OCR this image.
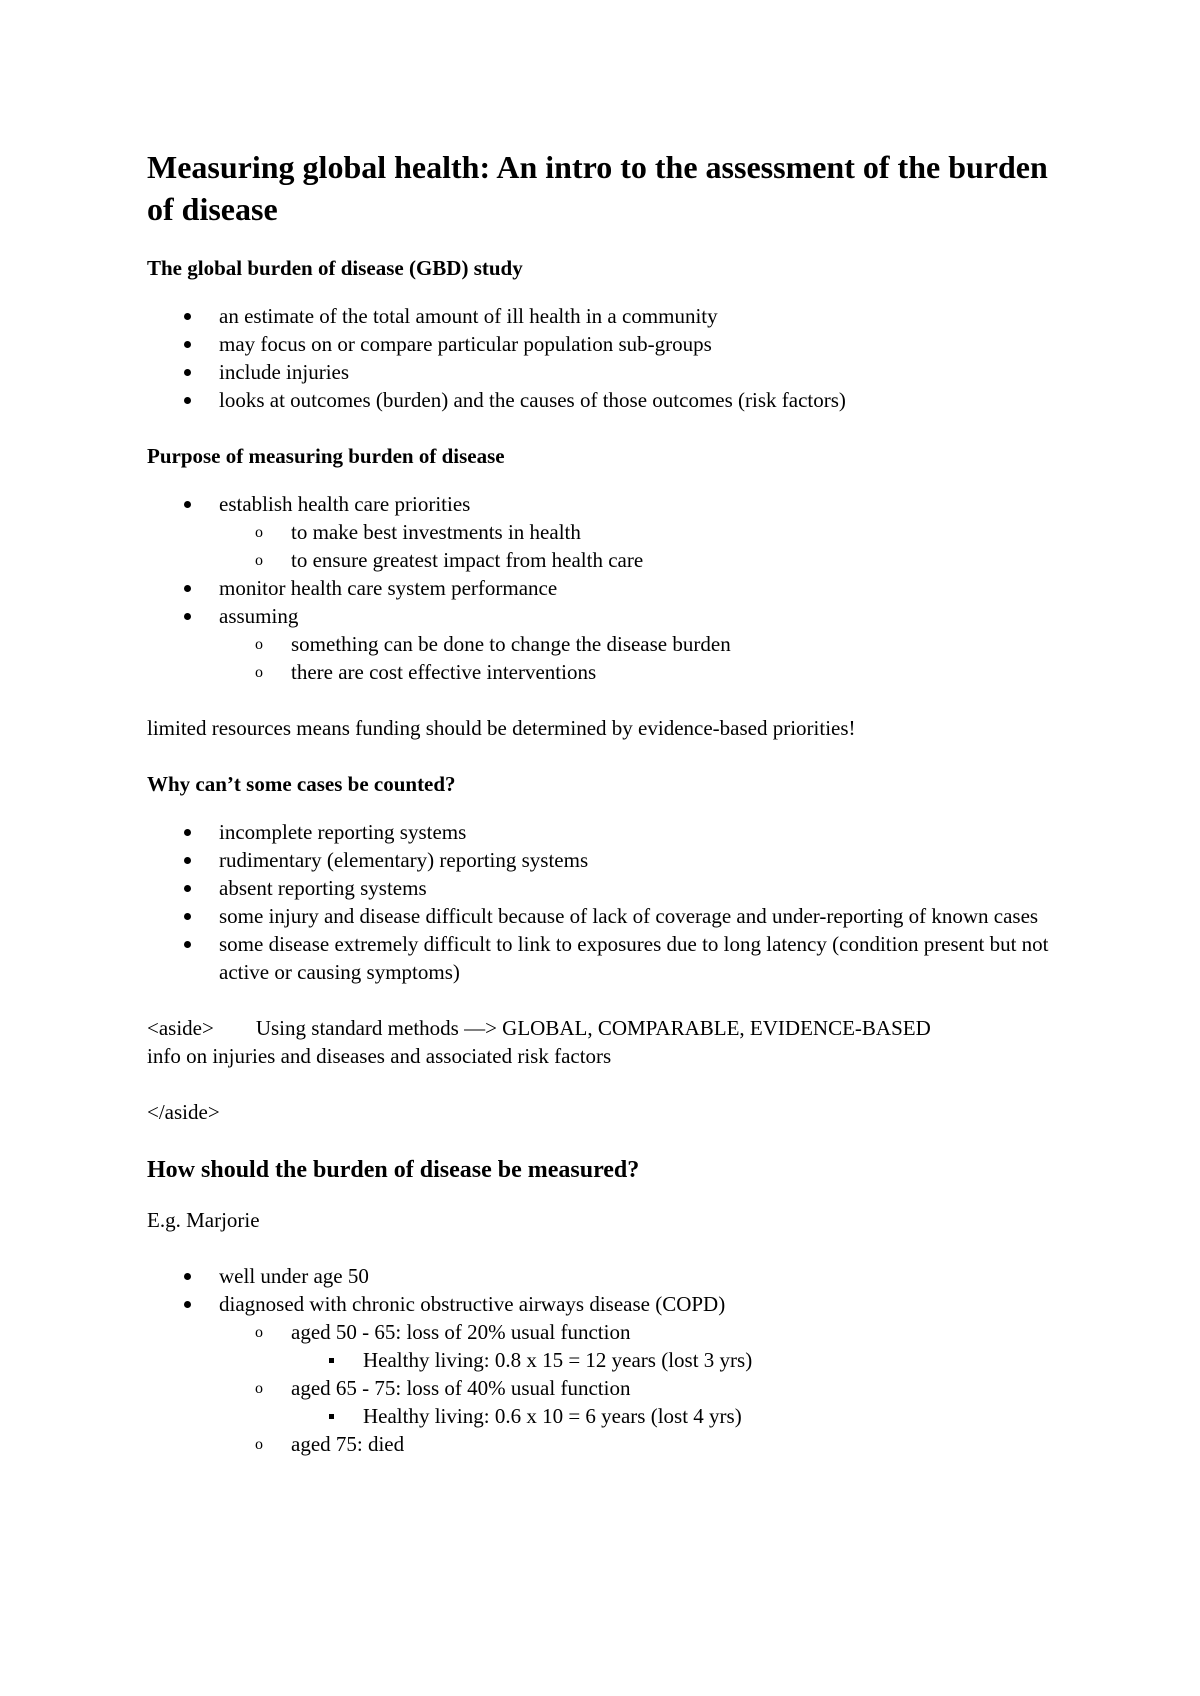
Measuring global health: An intro to the assessment of the burden of disease
The global burden of disease (GBD) study
an estimate of the total amount of ill health in a community
may focus on or compare particular population sub-groups
include injuries
looks at outcomes (burden) and the causes of those outcomes (risk factors)
Purpose of measuring burden of disease
establish health care priorities
o	to make best investments in health
o	to ensure greatest impact from health care
monitor health care system performance
assuming
o	something can be done to change the disease burden
o	there are cost effective interventions

limited resources means funding should be determined by evidence-based priorities!

Why can’t some cases be counted?
incomplete reporting systems
rudimentary (elementary) reporting systems
absent reporting systems
some injury and disease difficult because of lack of coverage and under-reporting of known cases
some disease extremely difficult to link to exposures due to long latency (condition present but not active or causing symptoms)
<aside> Using standard methods —> GLOBAL, COMPARABLE, EVIDENCE-BASED
info on injuries and diseases and associated risk factors

</aside>

How should the burden of disease be measured?

E.g. Marjorie

well under age 50
diagnosed with chronic obstructive airways disease (COPD)
o	aged 50 - 65: loss of 20% usual function
Healthy living: 0.8 x 15 = 12 years (lost 3 yrs)
o	aged 65 - 75: loss of 40% usual function
Healthy living: 0.6 x 10 = 6 years (lost 4 yrs)
o	aged 75: died
